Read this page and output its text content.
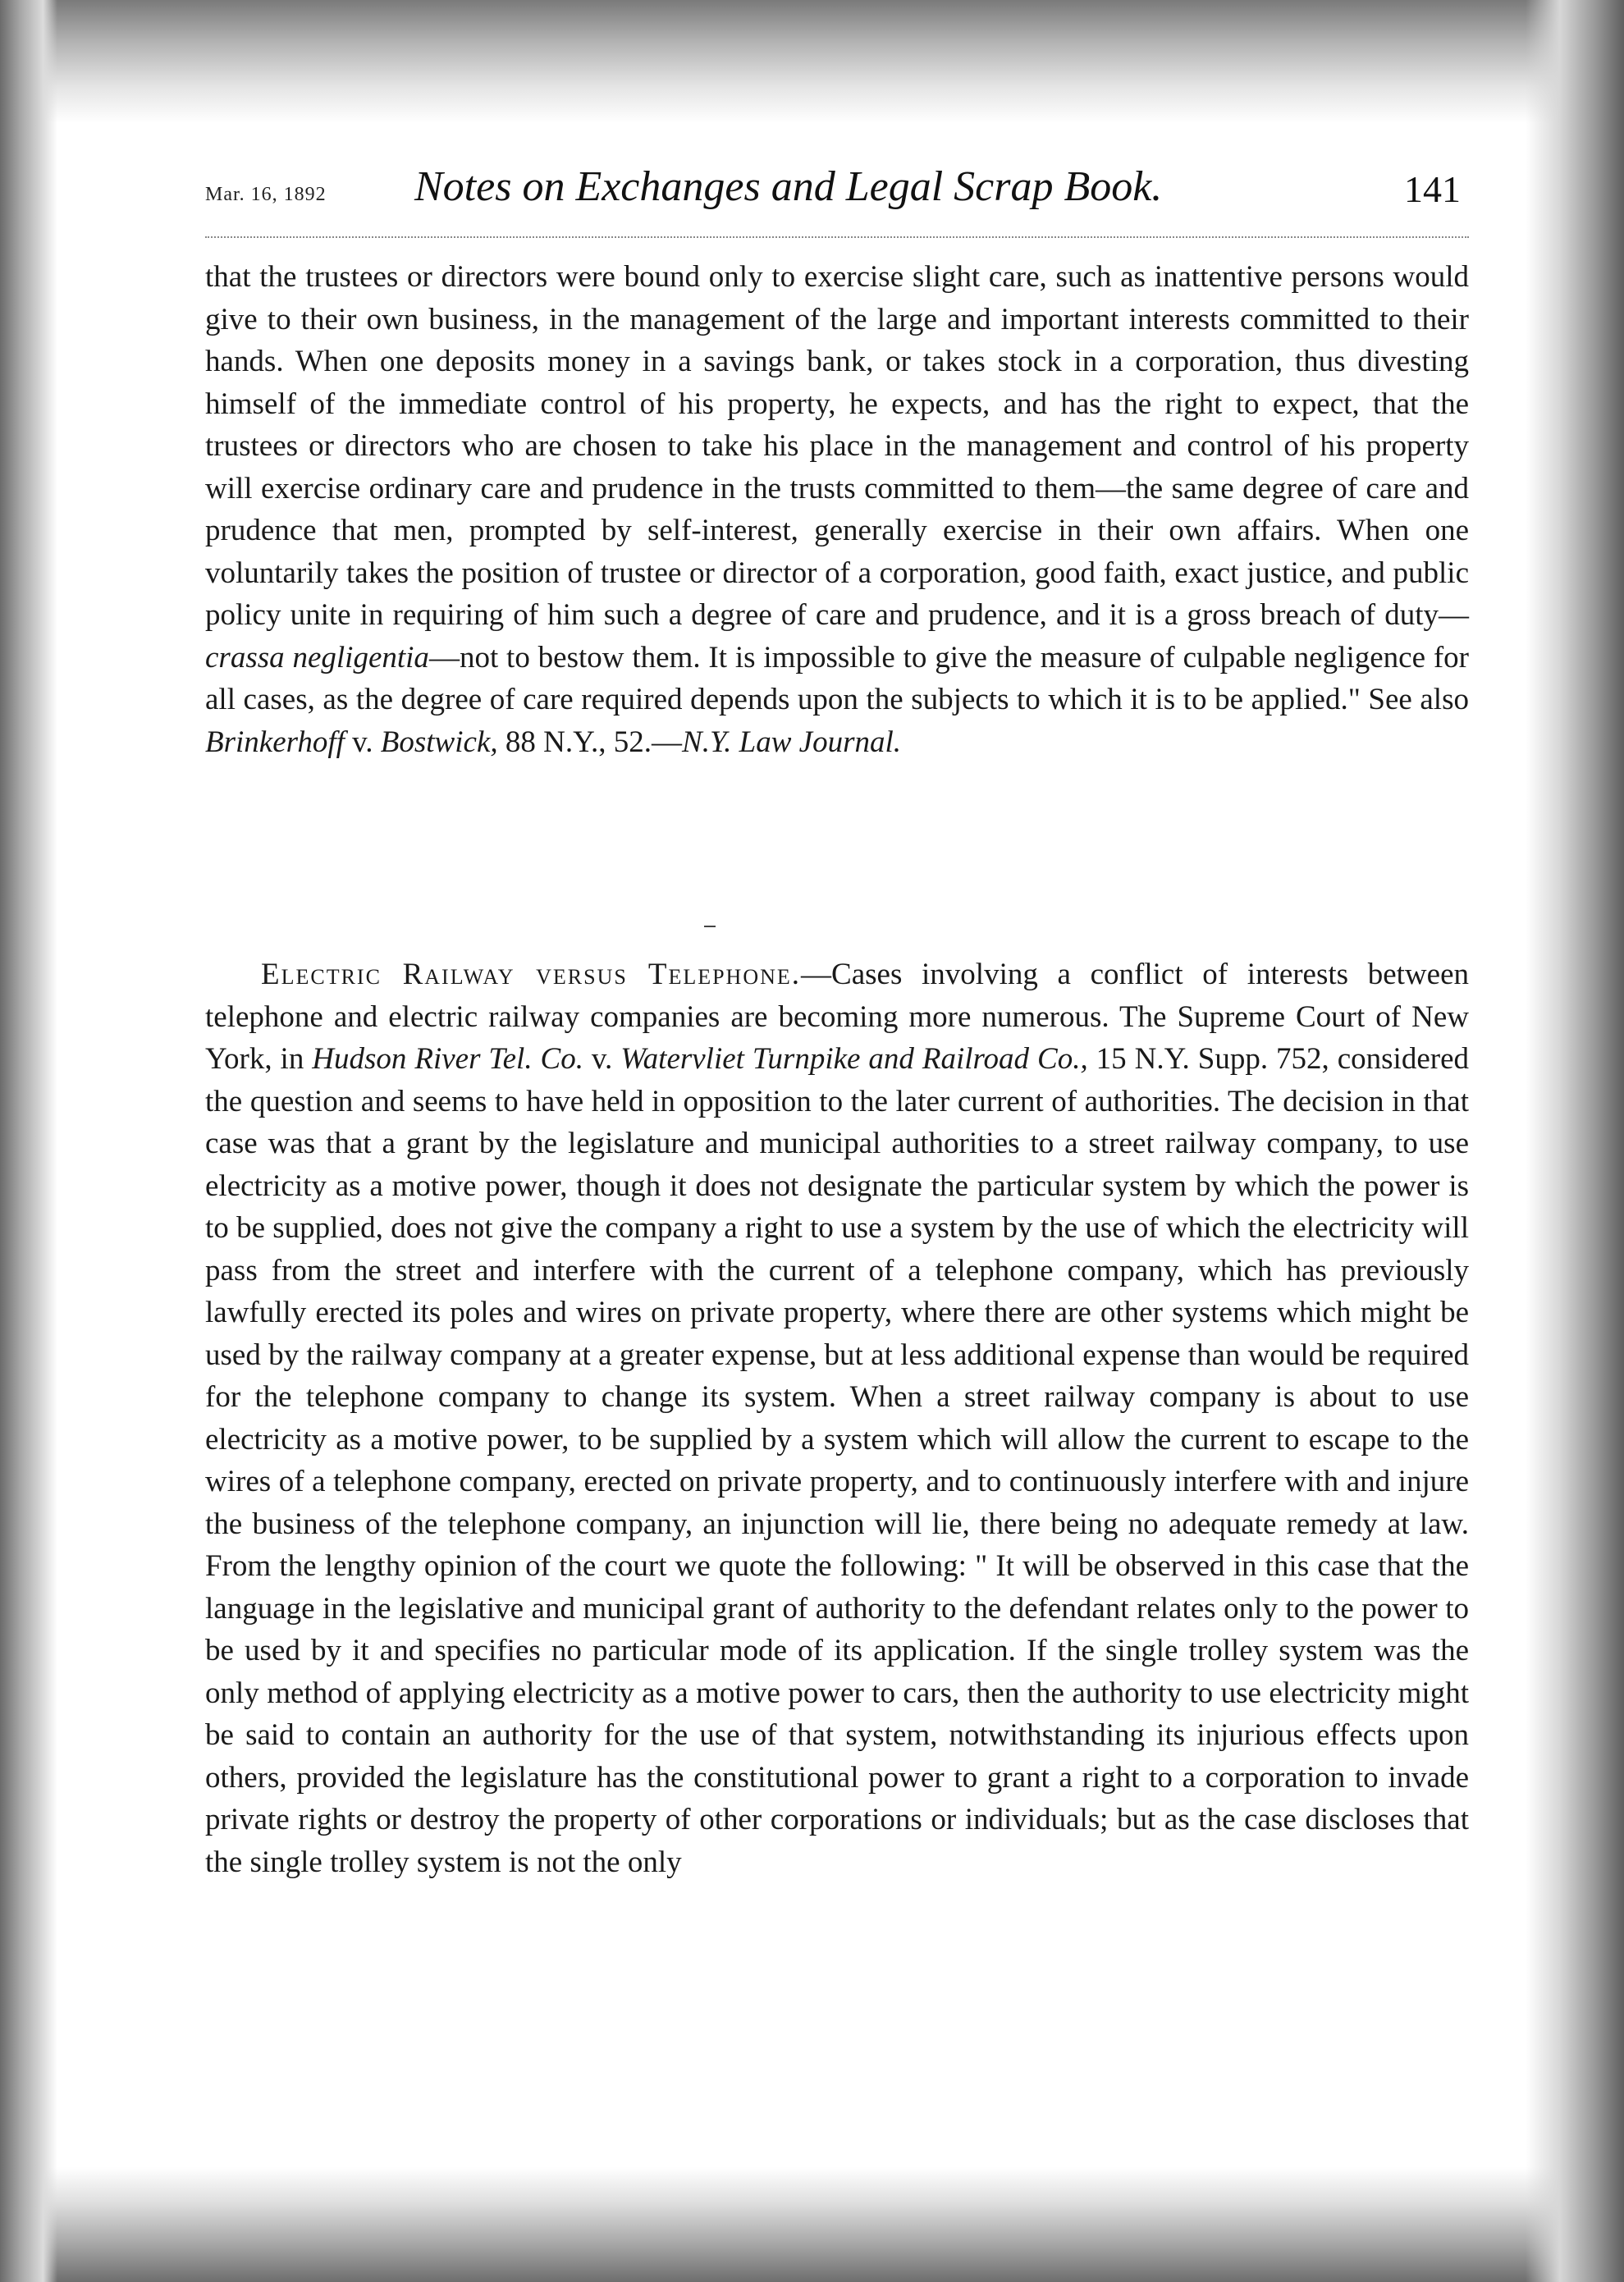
Mar. 16, 1892 Notes on Exchanges and Legal Scrap Book.	141
that the trustees or directors were bound only to exercise slight care, such as inattentive persons would give to their own business, in the management of the large and important interests committed to their hands. When one deposits money in a savings bank, or takes stock in a corporation, thus divesting himself of the immediate control of his property, he expects, and has the right to expect, that the trustees or directors who are chosen to take his place in the management and control of his property will exercise ordinary care and prudence in the trusts committed to them—the same degree of care and prudence that men, prompted by self-interest, generally exercise in their own affairs. When one voluntarily takes the position of trustee or director of a corporation, good faith, exact justice, and public policy unite in requiring of him such a degree of care and prudence, and it is a gross breach of duty—crassa negligentia—not to bestow them. It is impossible to give the measure of culpable negligence for all cases, as the degree of care required depends upon the subjects to which it is to be applied." See also Brinkerhoff v. Bostwick, 88 N.Y., 52.—N.Y. Law Journal.
Electric Railway versus Telephone.—Cases involving a conflict of interests between telephone and electric railway companies are becoming more numerous. The Supreme Court of New York, in Hudson River Tel. Co. v. Watervliet Turnpike and Railroad Co., 15 N.Y. Supp. 752, considered the question and seems to have held in opposition to the later current of authorities. The decision in that case was that a grant by the legislature and municipal authorities to a street railway company, to use electricity as a motive power, though it does not designate the particular system by which the power is to be supplied, does not give the company a right to use a system by the use of which the electricity will pass from the street and interfere with the current of a telephone company, which has previously lawfully erected its poles and wires on private property, where there are other systems which might be used by the railway company at a greater expense, but at less additional expense than would be required for the telephone company to change its system. When a street railway company is about to use electricity as a motive power, to be supplied by a system which will allow the current to escape to the wires of a telephone company, erected on private property, and to continuously interfere with and injure the business of the telephone company, an injunction will lie, there being no adequate remedy at law. From the lengthy opinion of the court we quote the following: " It will be observed in this case that the language in the legislative and municipal grant of authority to the defendant relates only to the power to be used by it and specifies no particular mode of its application. If the single trolley system was the only method of applying electricity as a motive power to cars, then the authority to use electricity might be said to contain an authority for the use of that system, notwithstanding its injurious effects upon others, provided the legislature has the constitutional power to grant a right to a corporation to invade private rights or destroy the property of other corporations or individuals; but as the case discloses that the single trolley system is not the only
